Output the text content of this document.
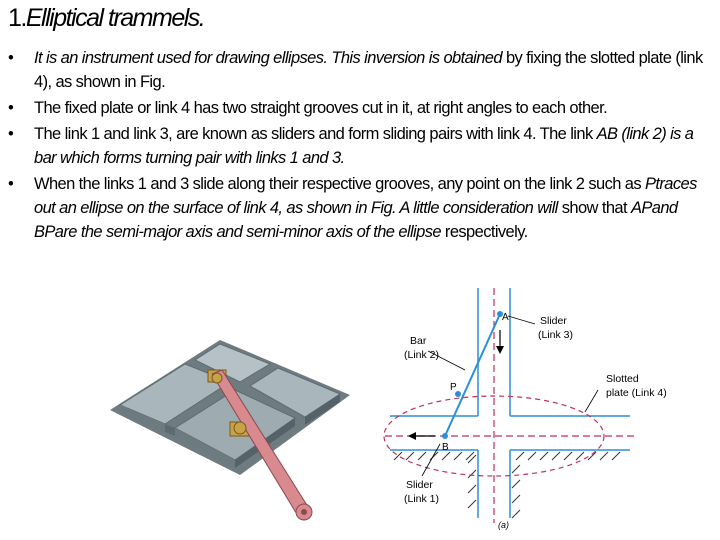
1.Elliptical trammels.
• It is an instrument used for drawing ellipses. This inversion is obtained by fixing the slotted plate (link 4), as shown in Fig.
• The fixed plate or link 4 has two straight grooves cut in it, at right angles to each other.
• The link 1 and link 3, are known as sliders and form sliding pairs with link 4. The link AB (link 2) is a bar which forms turning pair with links 1 and 3.
• When the links 1 and 3 slide along their respective grooves, any point on the link 2 such as Ptraces out an ellipse on the surface of link 4, as shown in Fig. A little consideration will show that APand BPare the semi-major axis and semi-minor axis of the ellipse respectively.
A
P
B
Slider
(Link 3)
Bar
(Link 2)
Slotted
plate (Link 4)
Slider
(Link 1)
(a)
